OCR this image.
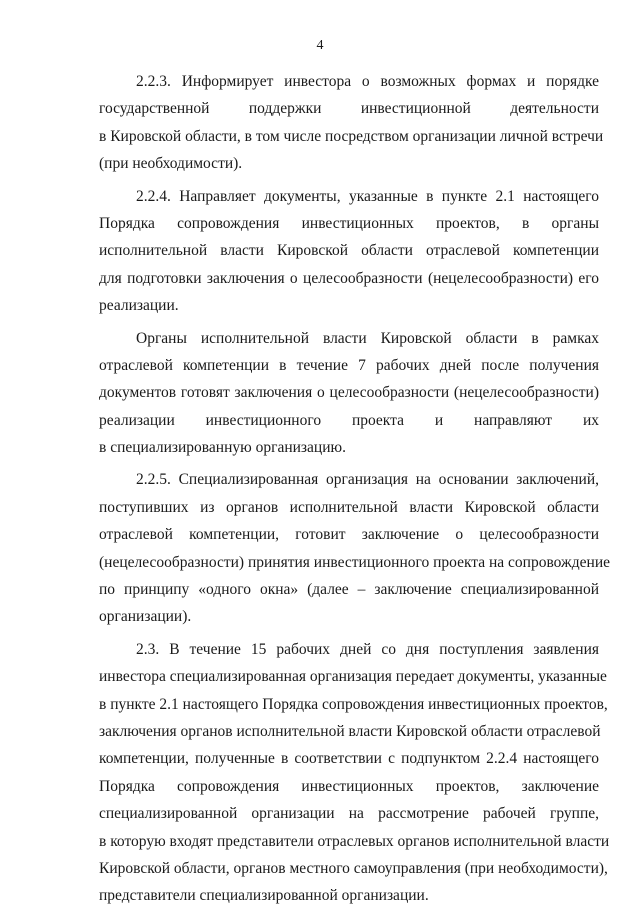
4
2.2.3. Информирует инвестора о возможных формах и порядке
государственной поддержки инвестиционной деятельности
в Кировской области, в том числе посредством организации личной встречи
(при необходимости).
2.2.4. Направляет документы, указанные в пункте 2.1 настоящего
Порядка сопровождения инвестиционных проектов, в органы
исполнительной власти Кировской области отраслевой компетенции
для подготовки заключения о целесообразности (нецелесообразности) его
реализации.
Органы исполнительной власти Кировской области в рамках
отраслевой компетенции в течение 7 рабочих дней после получения
документов готовят заключения о целесообразности (нецелесообразности)
реализации инвестиционного проекта и направляют их
в специализированную организацию.
2.2.5. Специализированная организация на основании заключений,
поступивших из органов исполнительной власти Кировской области
отраслевой компетенции, готовит заключение о целесообразности
(нецелесообразности) принятия инвестиционного проекта на сопровождение
по принципу «одного окна» (далее – заключение специализированной
организации).
2.3. В течение 15 рабочих дней со дня поступления заявления
инвестора специализированная организация передает документы, указанные
в пункте 2.1 настоящего Порядка сопровождения инвестиционных проектов,
заключения органов исполнительной власти Кировской области отраслевой
компетенции, полученные в соответствии с подпунктом 2.2.4 настоящего
Порядка сопровождения инвестиционных проектов, заключение
специализированной организации на рассмотрение рабочей группе,
в которую входят представители отраслевых органов исполнительной власти
Кировской области, органов местного самоуправления (при необходимости),
представители специализированной организации.
